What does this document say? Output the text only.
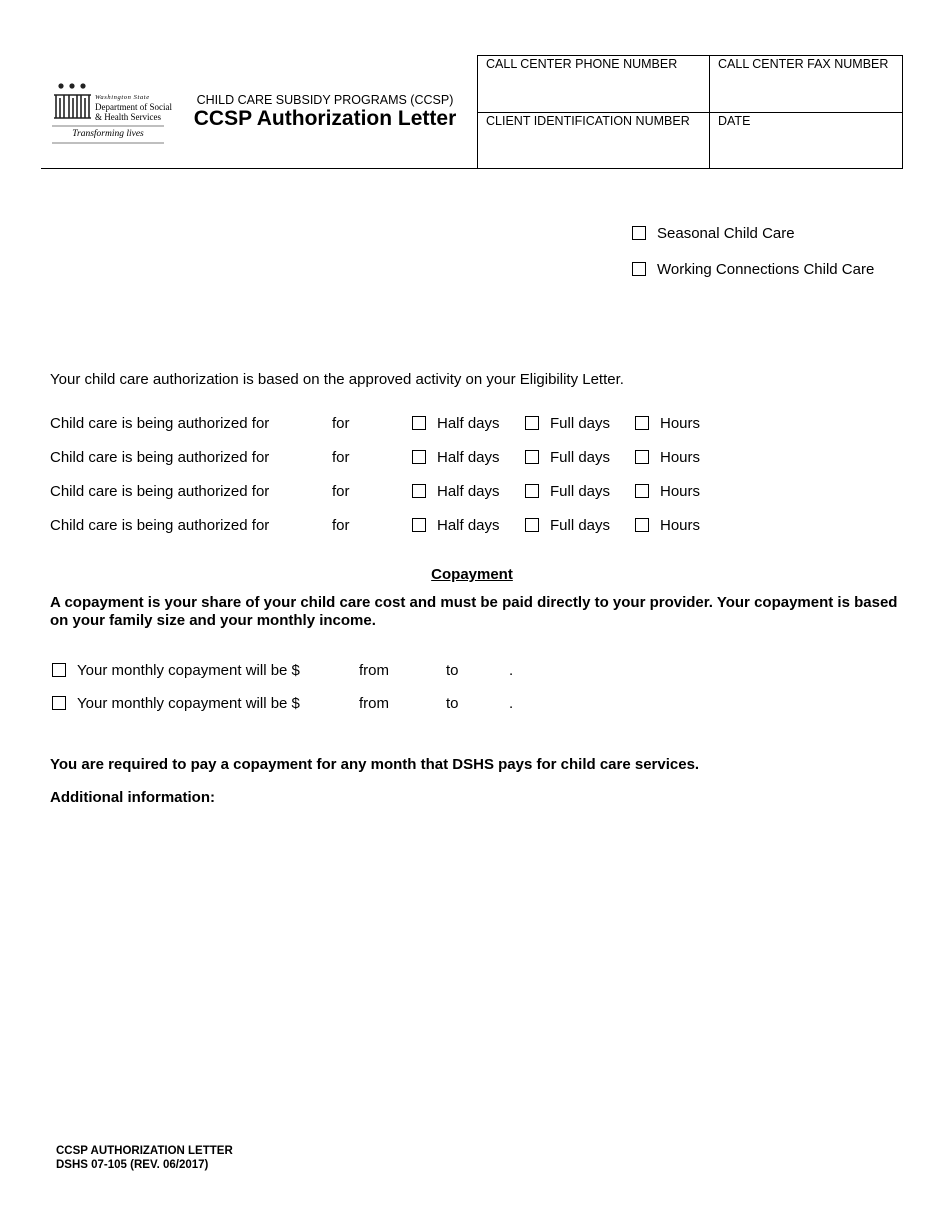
Washington State
Department of Social
& Health Services
Transforming lives
CHILD CARE SUBSIDY PROGRAMS (CCSP)
CCSP Authorization Letter
CALL CENTER PHONE NUMBER	CALL CENTER FAX NUMBER
CLIENT IDENTIFICATION NUMBER	DATE
Seasonal Child Care
Working Connections Child Care
Your child care authorization is based on the approved activity on your Eligibility Letter.
Child care is being authorized for	for	Half days	Full days	Hours
Child care is being authorized for	for	Half days	Full days	Hours
Child care is being authorized for	for	Half days	Full days	Hours
Child care is being authorized for	for	Half days	Full days	Hours
Copayment
A copayment is your share of your child care cost and must be paid directly to your provider. Your copayment is based on your family size and your monthly income.
Your monthly copayment will be $	from	to	.
Your monthly copayment will be $	from	to	.
You are required to pay a copayment for any month that DSHS pays for child care services.
Additional information:
CCSP AUTHORIZATION LETTER
DSHS 07-105 (REV. 06/2017)
